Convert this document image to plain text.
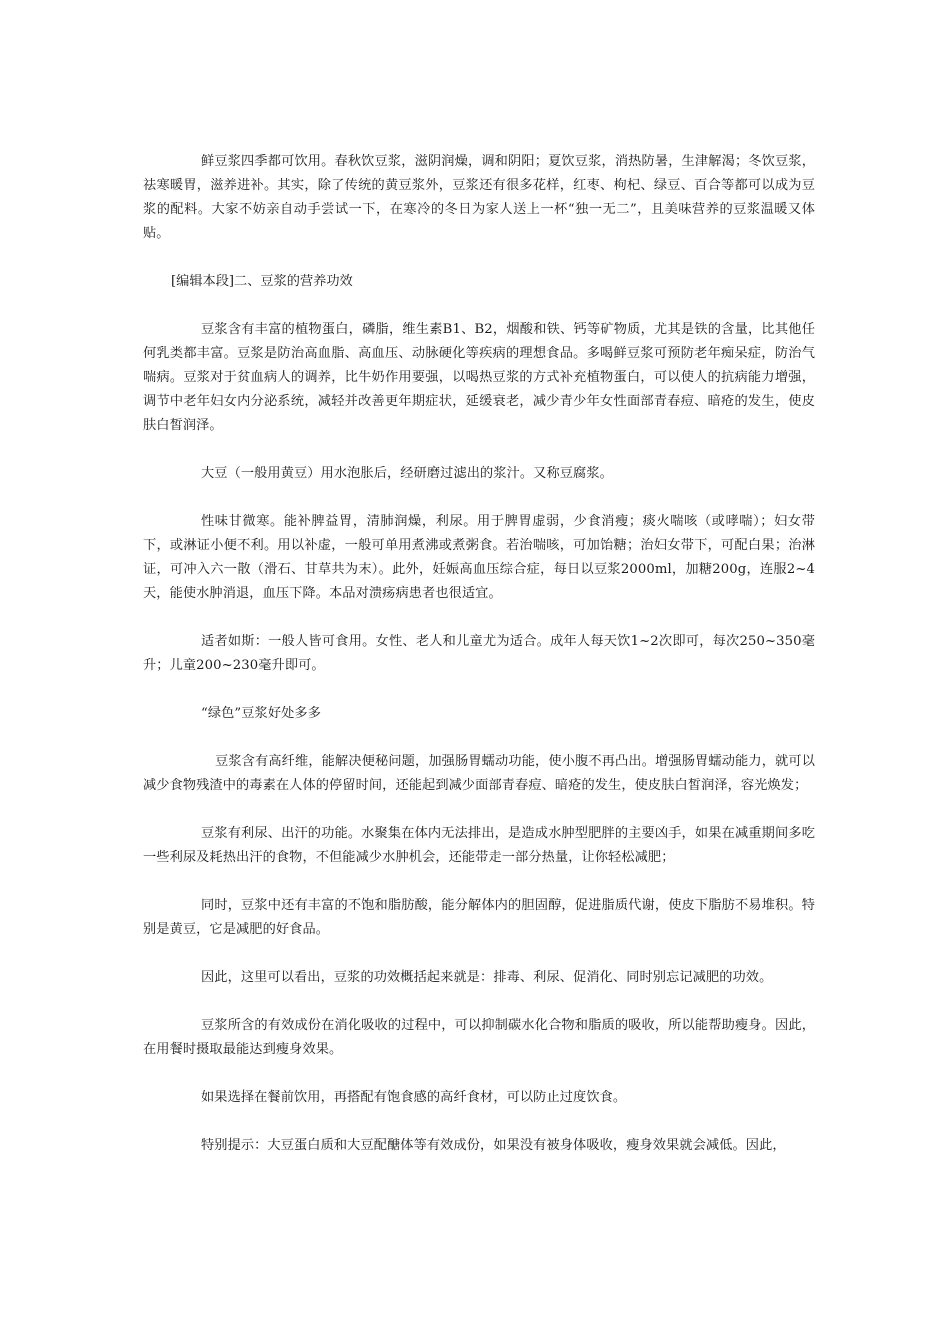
鲜豆浆四季都可饮用。春秋饮豆浆，滋阴润燥，调和阴阳；夏饮豆浆，消热防暑，生津解渴；冬饮豆浆，祛寒暖胃，滋养进补。其实，除了传统的黄豆浆外，豆浆还有很多花样，红枣、枸杞、绿豆、百合等都可以成为豆浆的配料。大家不妨亲自动手尝试一下，在寒冷的冬日为家人送上一杯“独一无二”，且美味营养的豆浆温暖又体贴。

[编辑本段]二、豆浆的营养功效

豆浆含有丰富的植物蛋白，磷脂，维生素B1、B2，烟酸和铁、钙等矿物质，尤其是铁的含量，比其他任何乳类都丰富。豆浆是防治高血脂、高血压、动脉硬化等疾病的理想食品。多喝鲜豆浆可预防老年痴呆症，防治气喘病。豆浆对于贫血病人的调养，比牛奶作用要强，以喝热豆浆的方式补充植物蛋白，可以使人的抗病能力增强，调节中老年妇女内分泌系统，减轻并改善更年期症状，延缓衰老，减少青少年女性面部青春痘、暗疮的发生，使皮肤白皙润泽。

大豆（一般用黄豆）用水泡胀后，经研磨过滤出的浆汁。又称豆腐浆。

性味甘微寒。能补脾益胃，清肺润燥，利尿。用于脾胃虚弱，少食消瘦；痰火喘咳（或哮喘）；妇女带下，或淋证小便不利。用以补虚，一般可单用煮沸或煮粥食。若治喘咳，可加饴糖；治妇女带下，可配白果；治淋证，可冲入六一散（滑石、甘草共为末）。此外，妊娠高血压综合症，每日以豆浆2000ml，加糖200g，连服2~4天，能使水肿消退，血压下降。本品对溃疡病患者也很适宜。

适者如斯：一般人皆可食用。女性、老人和儿童尤为适合。成年人每天饮1~2次即可，每次250~350毫升；儿童200~230毫升即可。

“绿色”豆浆好处多多

豆浆含有高纤维，能解决便秘问题，加强肠胃蠕动功能，使小腹不再凸出。增强肠胃蠕动能力，就可以减少食物残渣中的毒素在人体的停留时间，还能起到减少面部青春痘、暗疮的发生，使皮肤白皙润泽，容光焕发；

豆浆有利尿、出汗的功能。水聚集在体内无法排出，是造成水肿型肥胖的主要凶手，如果在减重期间多吃一些利尿及耗热出汗的食物，不但能减少水肿机会，还能带走一部分热量，让你轻松减肥；

同时，豆浆中还有丰富的不饱和脂肪酸，能分解体内的胆固醇，促进脂质代谢，使皮下脂肪不易堆积。特别是黄豆，它是减肥的好食品。

因此，这里可以看出，豆浆的功效概括起来就是：排毒、利尿、促消化、同时别忘记减肥的功效。

豆浆所含的有效成份在消化吸收的过程中，可以抑制碳水化合物和脂质的吸收，所以能帮助瘦身。因此，在用餐时摄取最能达到瘦身效果。

如果选择在餐前饮用，再搭配有饱食感的高纤食材，可以防止过度饮食。

特别提示：大豆蛋白质和大豆配醣体等有效成份，如果没有被身体吸收，瘦身效果就会减低。因此，
